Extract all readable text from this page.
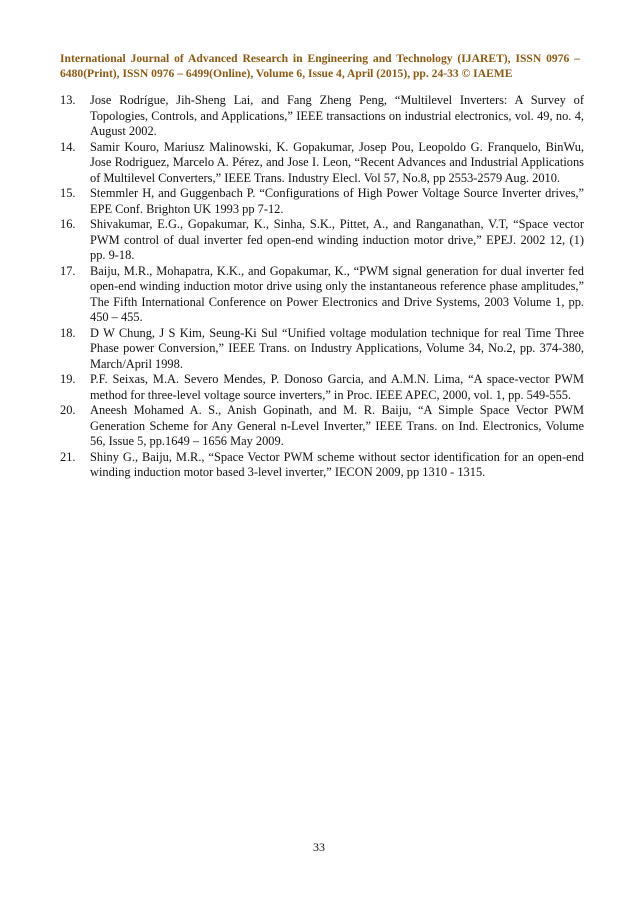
International Journal of Advanced Research in Engineering and Technology (IJARET), ISSN 0976 – 6480(Print), ISSN 0976 – 6499(Online), Volume 6, Issue 4, April (2015), pp. 24-33 © IAEME
13.	Jose Rodrígue, Jih-Sheng Lai, and Fang Zheng Peng, “Multilevel Inverters: A Survey of Topologies, Controls, and Applications,” IEEE transactions on industrial electronics, vol. 49, no. 4, August 2002.
14.	Samir Kouro, Mariusz Malinowski, K. Gopakumar, Josep Pou, Leopoldo G. Franquelo, BinWu, Jose Rodriguez, Marcelo A. Pérez, and Jose I. Leon, “Recent Advances and Industrial Applications of Multilevel Converters,” IEEE Trans. Industry Elecl. Vol 57, No.8, pp 2553-2579 Aug. 2010.
15.	Stemmler H, and Guggenbach P. “Configurations of High Power Voltage Source Inverter drives,” EPE Conf. Brighton UK 1993 pp 7-12.
16.	Shivakumar, E.G., Gopakumar, K., Sinha, S.K., Pittet, A., and Ranganathan, V.T, “Space vector PWM control of dual inverter fed open-end winding induction motor drive,” EPEJ. 2002 12, (1) pp. 9-18.
17.	Baiju, M.R., Mohapatra, K.K., and Gopakumar, K., “PWM signal generation for dual inverter fed open-end winding induction motor drive using only the instantaneous reference phase amplitudes,” The Fifth International Conference on Power Electronics and Drive Systems, 2003 Volume 1, pp. 450 – 455.
18.	D W Chung, J S Kim, Seung-Ki Sul “Unified voltage modulation technique for real Time Three Phase power Conversion,” IEEE Trans. on Industry Applications, Volume 34, No.2, pp. 374-380, March/April 1998.
19.	P.F. Seixas, M.A. Severo Mendes, P. Donoso Garcia, and A.M.N. Lima, “A space-vector PWM method for three-level voltage source inverters,” in Proc. IEEE APEC, 2000, vol. 1, pp. 549-555.
20.	Aneesh Mohamed A. S., Anish Gopinath, and M. R. Baiju, “A Simple Space Vector PWM Generation Scheme for Any General n-Level Inverter,” IEEE Trans. on Ind. Electronics, Volume 56, Issue 5, pp.1649 – 1656 May 2009.
21.	Shiny G., Baiju, M.R., “Space Vector PWM scheme without sector identification for an open-end winding induction motor based 3-level inverter,” IECON 2009, pp 1310 - 1315.
33
